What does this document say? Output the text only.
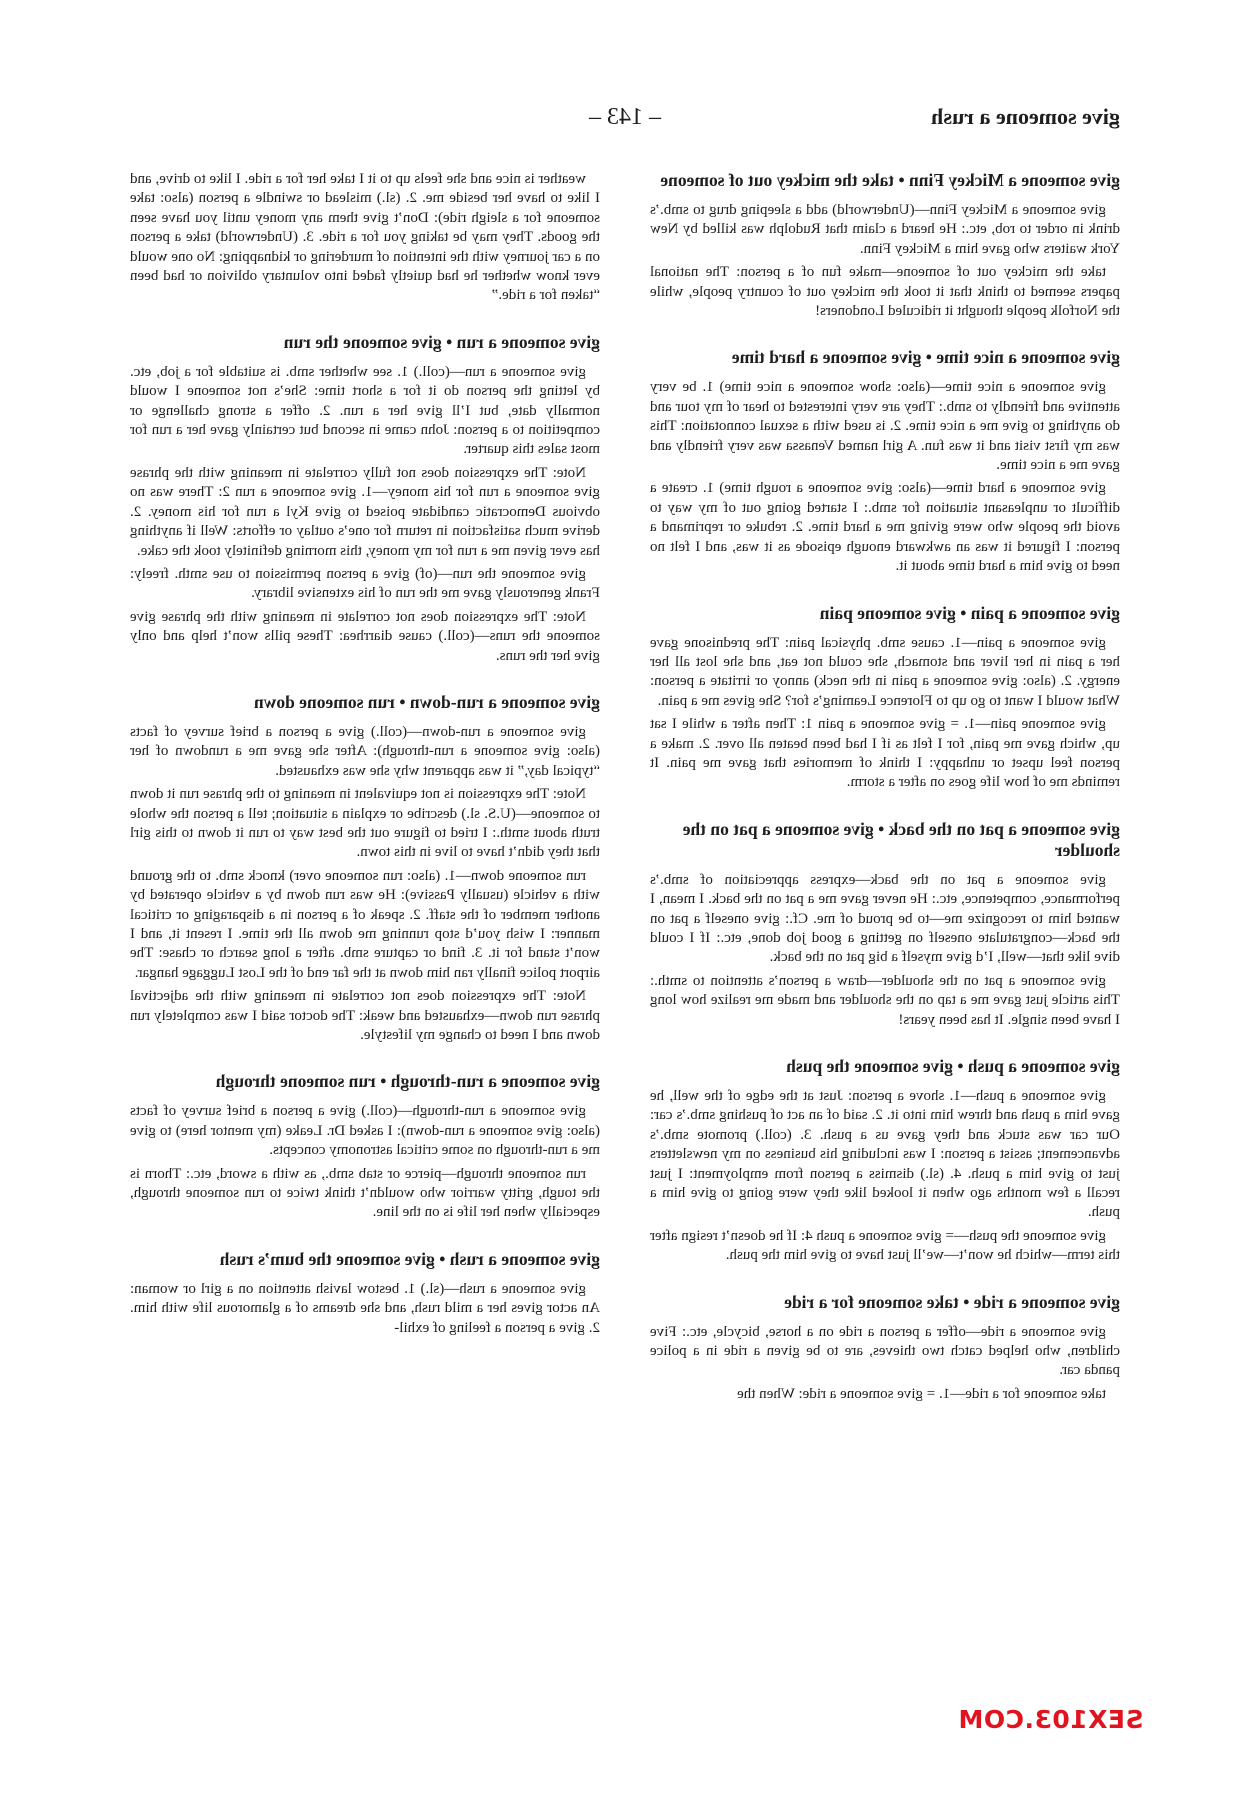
give someone a rush
– 143 –
give someone a Mickey Finn • take the mickey out of someone

give someone a Mickey Finn—(Underworld) add a sleeping drug to smb.’s drink in order to rob, etc.: He heard a claim that Rudolph was killed by New York waiters who gave him a Mickey Finn.

take the mickey out of someone—make fun of a person: The national papers seemed to think that it took the mickey out of country people, while the Norfolk people thought it ridiculed Londoners!

give someone a nice time • give someone a hard time

give someone a nice time—(also: show someone a nice time) 1. be very attentive and friendly to smb.: They are very interested to hear of my tour and do anything to give me a nice time. 2. is used with a sexual connotation: This was my first visit and it was fun. A girl named Venassa was very friendly and gave me a nice time.

give someone a hard time—(also: give someone a rough time) 1. create a difficult or unpleasant situation for smb.: I started going out of my way to avoid the people who were giving me a hard time. 2. rebuke or reprimand a person: I figured it was an awkward enough episode as it was, and I felt no need to give him a hard time about it.

give someone a pain • give someone pain

give someone a pain—1. cause smb. physical pain: The prednisone gave her a pain in her liver and stomach, she could not eat, and she lost all her energy. 2. (also: give someone a pain in the neck) annoy or irritate a person: What would I want to go up to Florence Leaming’s for? She gives me a pain.

give someone pain—1. = give someone a pain 1: Then after a while I sat up, which gave me pain, for I felt as if I had been beaten all over. 2. make a person feel upset or unhappy: I think of memories that gave me pain. It reminds me of how life goes on after a storm.

give someone a pat on the back • give someone a pat on the shoulder

give someone a pat on the back—express appreciation of smb.’s performance, competence, etc.: He never gave me a pat on the back. I mean, I wanted him to recognize me—to be proud of me. Cf.: give oneself a pat on the back—congratulate oneself on getting a good job done, etc.: If I could dive like that—well, I’d give myself a big pat on the back.

give someone a pat on the shoulder—draw a person’s attention to smth.: This article just gave me a tap on the shoulder and made me realize how long I have been single. It has been years!

give someone a push • give someone the push

give someone a push—1. shove a person: Just at the edge of the well, he gave him a push and threw him into it. 2. said of an act of pushing smb.’s car: Our car was stuck and they gave us a push. 3. (coll.) promote smb.’s advancement; assist a person: I was including his business on my newsletters just to give him a push. 4. (sl.) dismiss a person from employment: I just recall a few months ago when it looked like they were going to give him a push.

give someone the push—= give someone a push 4: If he doesn’t resign after this term—which he won’t—we’ll just have to give him the push.

give someone a ride • take someone for a ride

give someone a ride—offer a person a ride on a horse, bicycle, etc.: Five children, who helped catch two thieves, are to be given a ride in a police panda car.

take someone for a ride—1. = give someone a ride: When the

weather is nice and she feels up to it I take her for a ride. I like to drive, and I like to have her beside me. 2. (sl.) mislead or swindle a person (also: take someone for a sleigh ride): Don’t give them any money until you have seen the goods. They may be taking you for a ride. 3. (Underworld) take a person on a car journey with the intention of murdering or kidnapping: No one would ever know whether he had quietly faded into voluntary oblivion or had been “taken for a ride.”

give someone a run • give someone the run

give someone a run—(coll.) 1. see whether smb. is suitable for a job, etc. by letting the person do it for a short time: She’s not someone I would normally date, but I’ll give her a run. 2. offer a strong challenge or competition to a person: John came in second but certainly gave her a run for most sales this quarter.

Note: The expression does not fully correlate in meaning with the phrase give someone a run for his money—1. give someone a run 2: There was no obvious Democratic candidate poised to give Kyl a run for his money. 2. derive much satisfaction in return for one’s outlay or efforts: Well if anything has ever given me a run for my money, this morning definitely took the cake.

give someone the run—(of) give a person permission to use smth. freely: Frank generously gave me the run of his extensive library.

Note: The expression does not correlate in meaning with the phrase give someone the runs—(coll.) cause diarrhea: These pills won’t help and only give her the runs.

give someone a run-down • run someone down

give someone a run-down—(coll.) give a person a brief survey of facts (also: give someone a run-through): After she gave me a rundown of her “typical day,” it was apparent why she was exhausted.

Note: The expression is not equivalent in meaning to the phrase run it down to someone—(U.S. sl.) describe or explain a situation; tell a person the whole truth about smth.: I tried to figure out the best way to run it down to this girl that they didn’t have to live in this town.

run someone down—1. (also: run someone over) knock smb. to the ground with a vehicle (usually Passive): He was run down by a vehicle operated by another member of the staff. 2. speak of a person in a disparaging or critical manner: I wish you’d stop running me down all the time. I resent it, and I won’t stand for it. 3. find or capture smb. after a long search or chase: The airport police finally ran him down at the far end of the Lost Luggage hangar.

Note: The expression does not correlate in meaning with the adjectival phrase run down—exhausted and weak: The doctor said I was completely run down and I need to change my lifestyle.

give someone a run-through • run someone through

give someone a run-through—(coll.) give a person a brief survey of facts (also: give someone a run-down): I asked Dr. Leake (my mentor here) to give me a run-through on some critical astronomy concepts.

run someone through—pierce or stab smb., as with a sword, etc.: Thorn is the tough, gritty warrior who wouldn’t think twice to run someone through, especially when her life is on the line.

give someone a rush • give someone the bum’s rush

give someone a rush—(sl.) 1. bestow lavish attention on a girl or woman: An actor gives her a mild rush, and she dreams of a glamorous life with him. 2. give a person a feeling of exhil-

SEX103.COM
